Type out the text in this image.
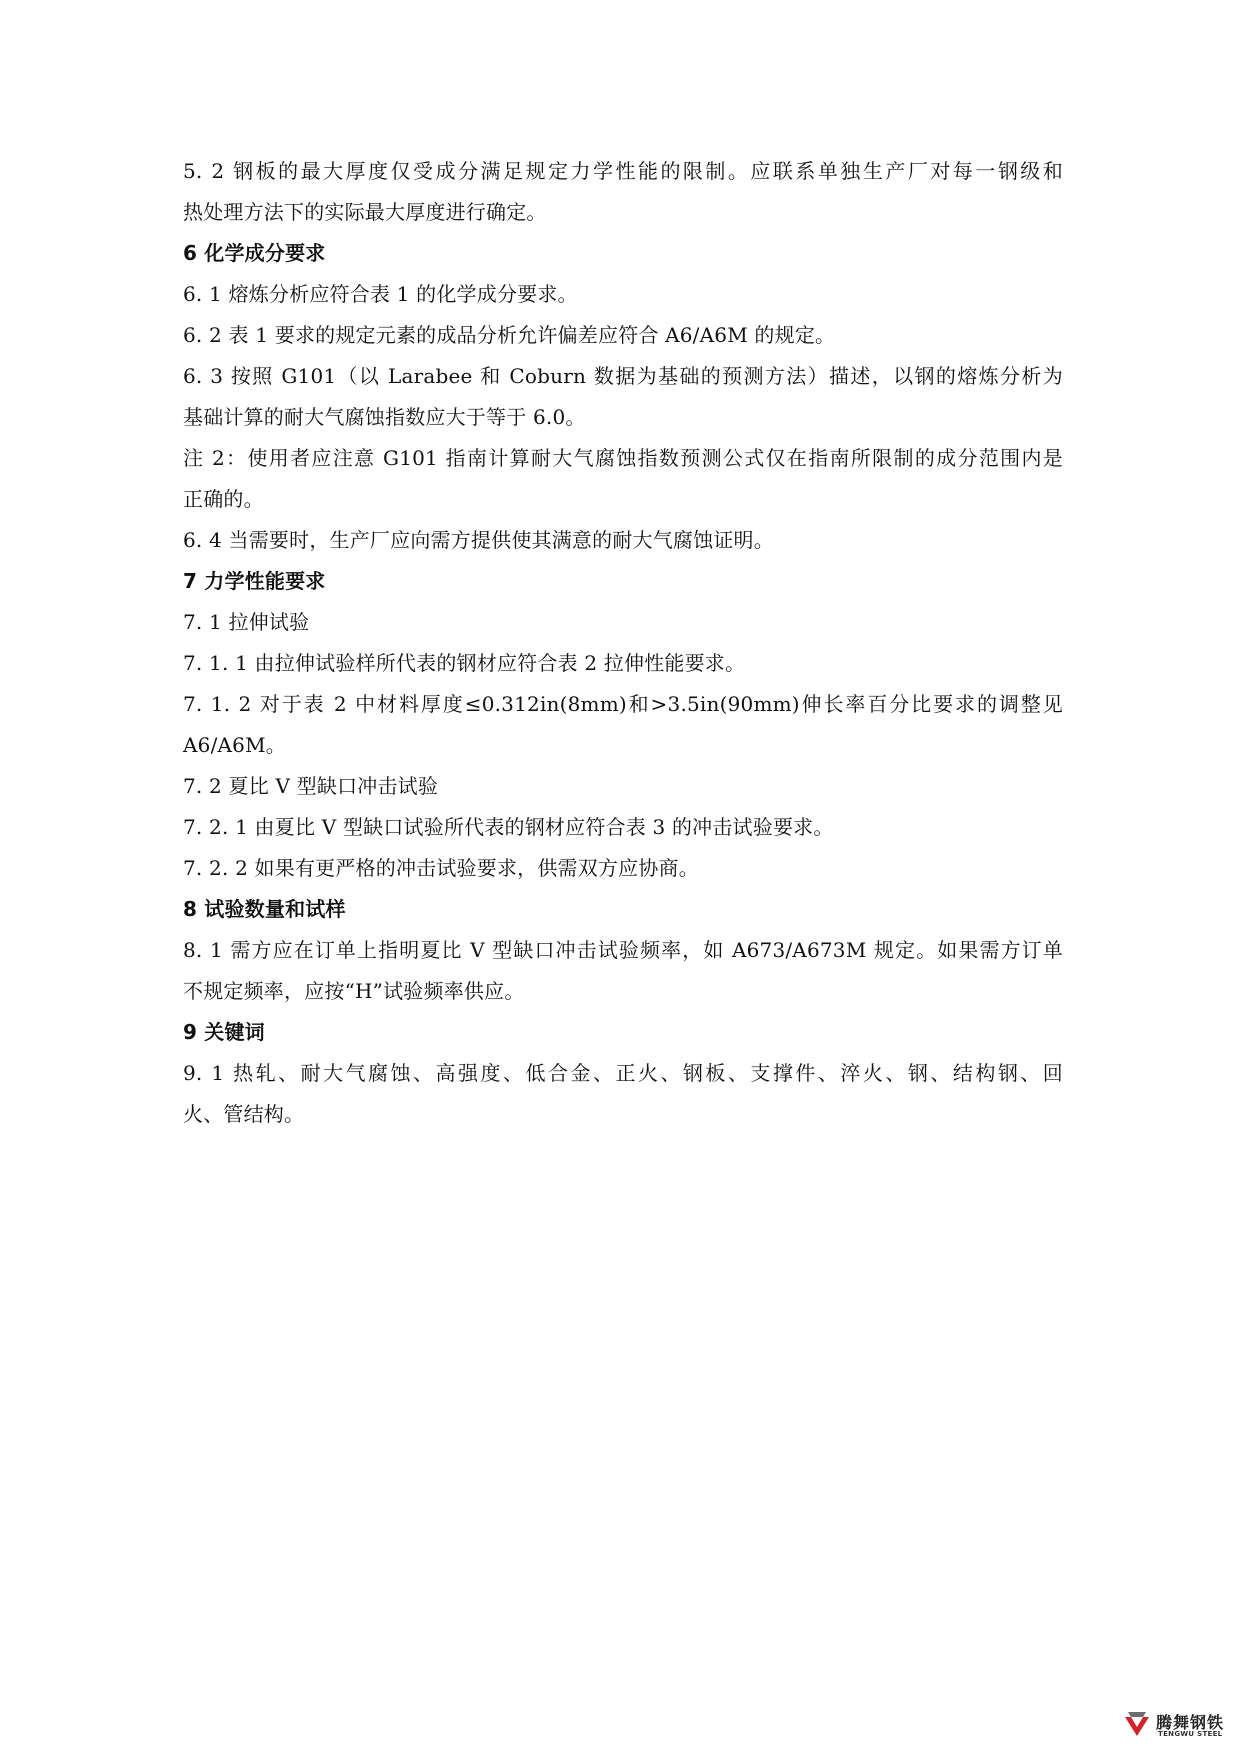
5. 2 钢板的最大厚度仅受成分满足规定力学性能的限制。应联系单独生产厂对每一钢级和

热处理方法下的实际最大厚度进行确定。

6 化学成分要求

6. 1 熔炼分析应符合表 1 的化学成分要求。

6. 2 表 1 要求的规定元素的成品分析允许偏差应符合 A6/A6M 的规定。

6. 3 按照 G101（以 Larabee 和 Coburn 数据为基础的预测方法）描述，以钢的熔炼分析为

基础计算的耐大气腐蚀指数应大于等于 6.0。

注 2：使用者应注意 G101 指南计算耐大气腐蚀指数预测公式仅在指南所限制的成分范围内是

正确的。

6. 4 当需要时，生产厂应向需方提供使其满意的耐大气腐蚀证明。

7 力学性能要求

7. 1 拉伸试验

7. 1. 1 由拉伸试验样所代表的钢材应符合表 2 拉伸性能要求。

7. 1. 2 对于表 2 中材料厚度≤0.312in(8mm)和>3.5in(90mm)伸长率百分比要求的调整见

A6/A6M。

7. 2 夏比 V 型缺口冲击试验

7. 2. 1 由夏比 V 型缺口试验所代表的钢材应符合表 3 的冲击试验要求。

7. 2. 2 如果有更严格的冲击试验要求，供需双方应协商。

8 试验数量和试样

8. 1 需方应在订单上指明夏比 V 型缺口冲击试验频率，如 A673/A673M 规定。如果需方订单

不规定频率，应按“H”试验频率供应。

9 关键词

9. 1 热轧、耐大气腐蚀、高强度、低合金、正火、钢板、支撑件、淬火、钢、结构钢、回

火、管结构。

腾舞钢铁
TENGWU STEEL
